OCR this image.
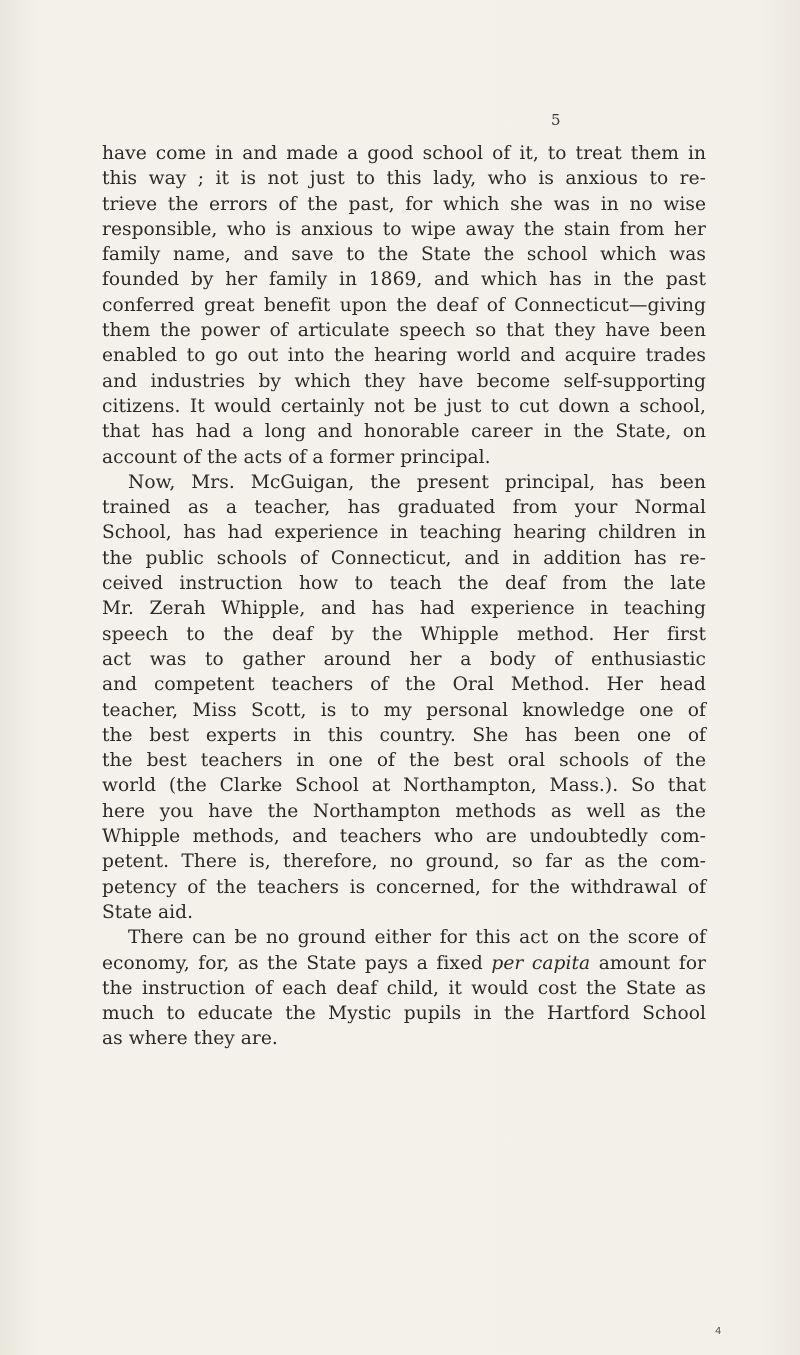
5
have come in and made a good school of it, to treat them in
this way ; it is not just to this lady, who is anxious to re-
trieve the errors of the past, for which she was in no wise
responsible, who is anxious to wipe away the stain from her
family name, and save to the State the school which was
founded by her family in 1869, and which has in the past
conferred great benefit upon the deaf of Connecticut—giving
them the power of articulate speech so that they have been
enabled to go out into the hearing world and acquire trades
and industries by which they have become self-supporting
citizens. It would certainly not be just to cut down a school,
that has had a long and honorable career in the State, on
account of the acts of a former principal.
Now, Mrs. McGuigan, the present principal, has been
trained as a teacher, has graduated from your Normal
School, has had experience in teaching hearing children in
the public schools of Connecticut, and in addition has re-
ceived instruction how to teach the deaf from the late
Mr. Zerah Whipple, and has had experience in teaching
speech to the deaf by the Whipple method. Her first
act was to gather around her a body of enthusiastic
and competent teachers of the Oral Method. Her head
teacher, Miss Scott, is to my personal knowledge one of
the best experts in this country. She has been one of
the best teachers in one of the best oral schools of the
world (the Clarke School at Northampton, Mass.). So that
here you have the Northampton methods as well as the
Whipple methods, and teachers who are undoubtedly com-
petent. There is, therefore, no ground, so far as the com-
petency of the teachers is concerned, for the withdrawal of
State aid.
There can be no ground either for this act on the score of
economy, for, as the State pays a fixed per capita amount for
the instruction of each deaf child, it would cost the State as
much to educate the Mystic pupils in the Hartford School
as where they are.
4
